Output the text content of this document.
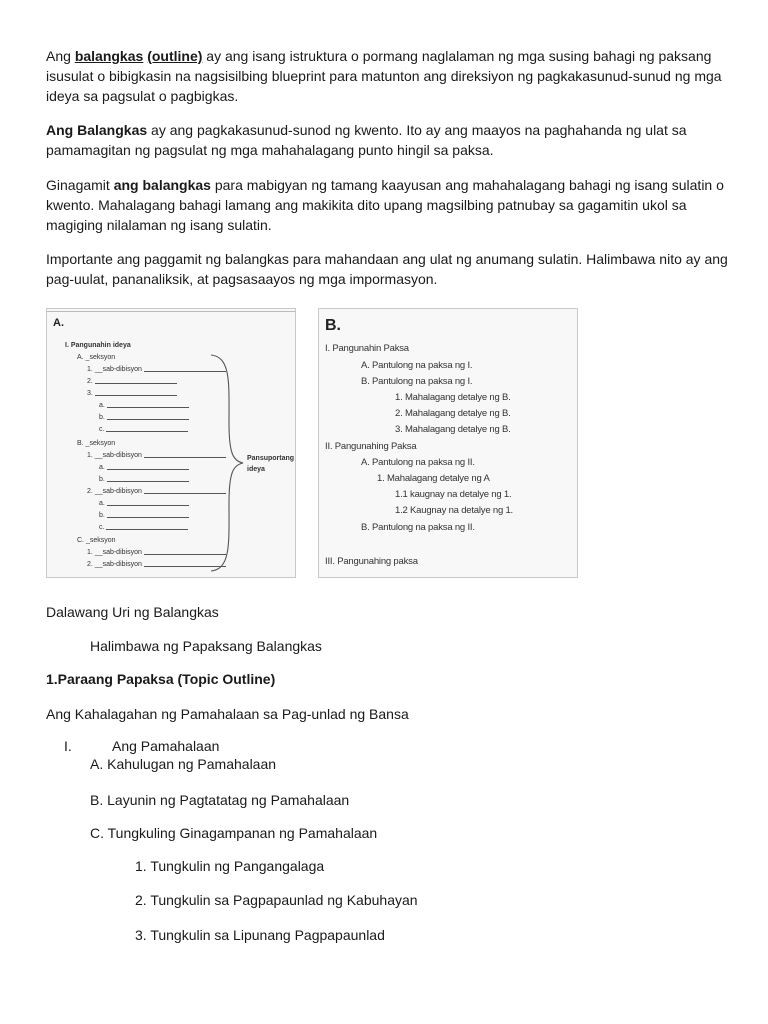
Ang balangkas (outline) ay ang isang istruktura o pormang naglalaman ng mga susing bahagi ng paksang isusulat o bibigkasin na nagsisilbing blueprint para matunton ang direksiyon ng pagkakasunud-sunud ng mga ideya sa pagsulat o pagbigkas.

Ang Balangkas ay ang pagkakasunud-sunod ng kwento. Ito ay ang maayos na paghahanda ng ulat sa pamamagitan ng pagsulat ng mga mahahalagang punto hingil sa paksa.

Ginagamit ang balangkas para mabigyan ng tamang kaayusan ang mahahalagang bahagi ng isang sulatin o kwento. Mahalagang bahagi lamang ang makikita dito upang magsilbing patnubay sa gagamitin ukol sa magiging nilalaman ng isang sulatin.

Importante ang paggamit ng balangkas para mahandaan ang ulat ng anumang sulatin. Halimbawa nito ay ang pag-uulat, pananaliksik, at pagsasaayos ng mga impormasyon.

A.
I. Pangunahin ideya
A. _seksyon
1. __sab-dibisyon
2.
3.
a.
b.
c.
B. _seksyon
1. __sab-dibisyon
a.
b.
2. __sab-dibisyon
a.
b.
c.
C. _seksyon
1. __sab-dibisyon
2. __sab-dibisyon
Pansuportang
ideya
B.
I. Pangunahin Paksa
A. Pantulong na paksa ng I.
B. Pantulong na paksa ng I.
1. Mahalagang detalye ng B.
2. Mahalagang detalye ng B.
3. Mahalagang detalye ng B.
II. Pangunahing Paksa
A. Pantulong na paksa ng II.
1. Mahalagang detalye ng A
1.1 kaugnay na detalye ng 1.
1.2 Kaugnay na detalye ng 1.
B. Pantulong na paksa ng II.
III. Pangunahing paksa
Dalawang Uri ng Balangkas
Halimbawa ng Papaksang Balangkas
1.Paraang Papaksa (Topic Outline)
Ang Kahalagahan ng Pamahalaan sa Pag-unlad ng Bansa
I.	Ang Pamahalaan
A. Kahulugan ng Pamahalaan
B. Layunin ng Pagtatatag ng Pamahalaan
C. Tungkuling Ginagampanan ng Pamahalaan
1. Tungkulin ng Pangangalaga
2. Tungkulin sa Pagpapaunlad ng Kabuhayan
3. Tungkulin sa Lipunang Pagpapaunlad
